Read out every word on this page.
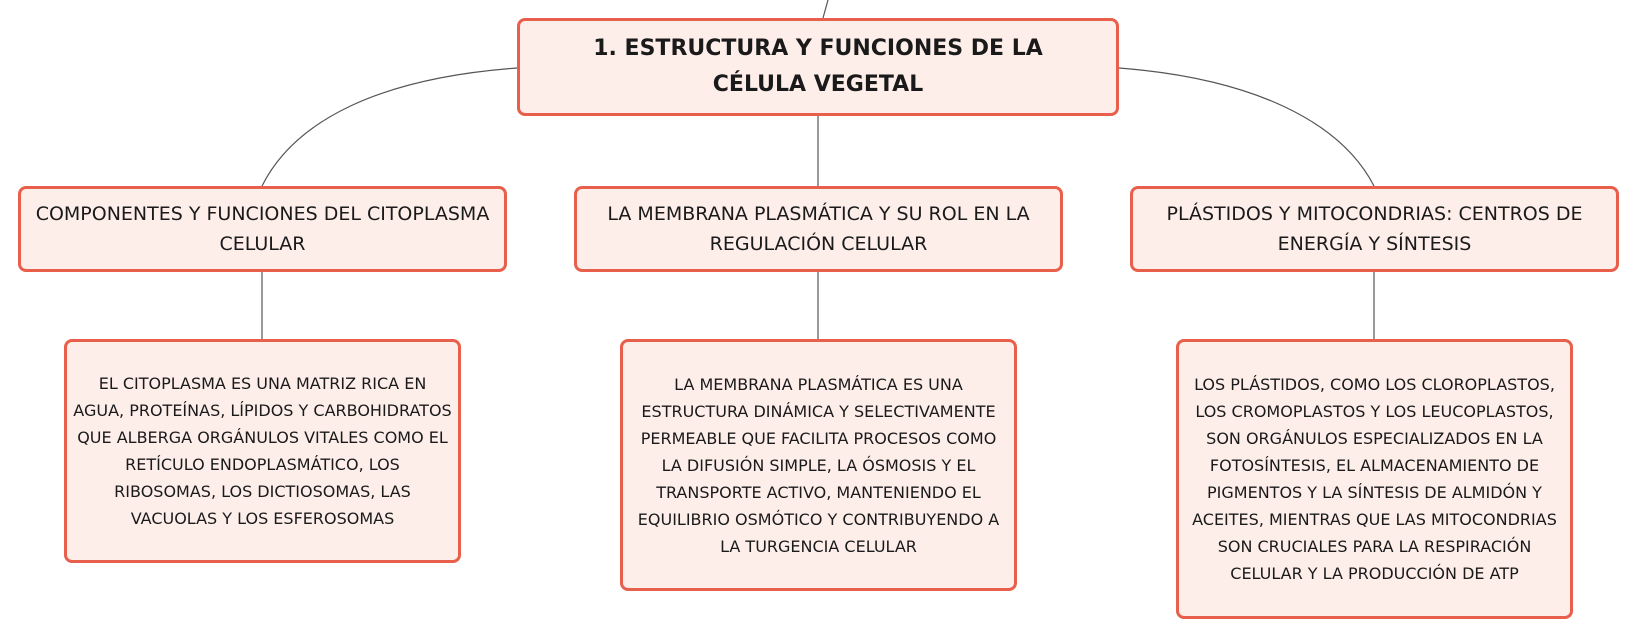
1. ESTRUCTURA Y FUNCIONES DE LA CÉLULA VEGETAL
COMPONENTES Y FUNCIONES DEL CITOPLASMA CELULAR
LA MEMBRANA PLASMÁTICA Y SU ROL EN LA REGULACIÓN CELULAR
PLÁSTIDOS Y MITOCONDRIAS: CENTROS DE ENERGÍA Y SÍNTESIS
EL CITOPLASMA ES UNA MATRIZ RICA EN AGUA, PROTEÍNAS, LÍPIDOS Y CARBOHIDRATOS QUE ALBERGA ORGÁNULOS VITALES COMO EL RETÍCULO ENDOPLASMÁTICO, LOS RIBOSOMAS, LOS DICTIOSOMAS, LAS VACUOLAS Y LOS ESFEROSOMAS
LA MEMBRANA PLASMÁTICA ES UNA ESTRUCTURA DINÁMICA Y SELECTIVAMENTE PERMEABLE QUE FACILITA PROCESOS COMO LA DIFUSIÓN SIMPLE, LA ÓSMOSIS Y EL TRANSPORTE ACTIVO, MANTENIENDO EL EQUILIBRIO OSMÓTICO Y CONTRIBUYENDO A LA TURGENCIA CELULAR
LOS PLÁSTIDOS, COMO LOS CLOROPLASTOS, LOS CROMOPLASTOS Y LOS LEUCOPLASTOS, SON ORGÁNULOS ESPECIALIZADOS EN LA FOTOSÍNTESIS, EL ALMACENAMIENTO DE PIGMENTOS Y LA SÍNTESIS DE ALMIDÓN Y ACEITES, MIENTRAS QUE LAS MITOCONDRIAS SON CRUCIALES PARA LA RESPIRACIÓN CELULAR Y LA PRODUCCIÓN DE ATP
